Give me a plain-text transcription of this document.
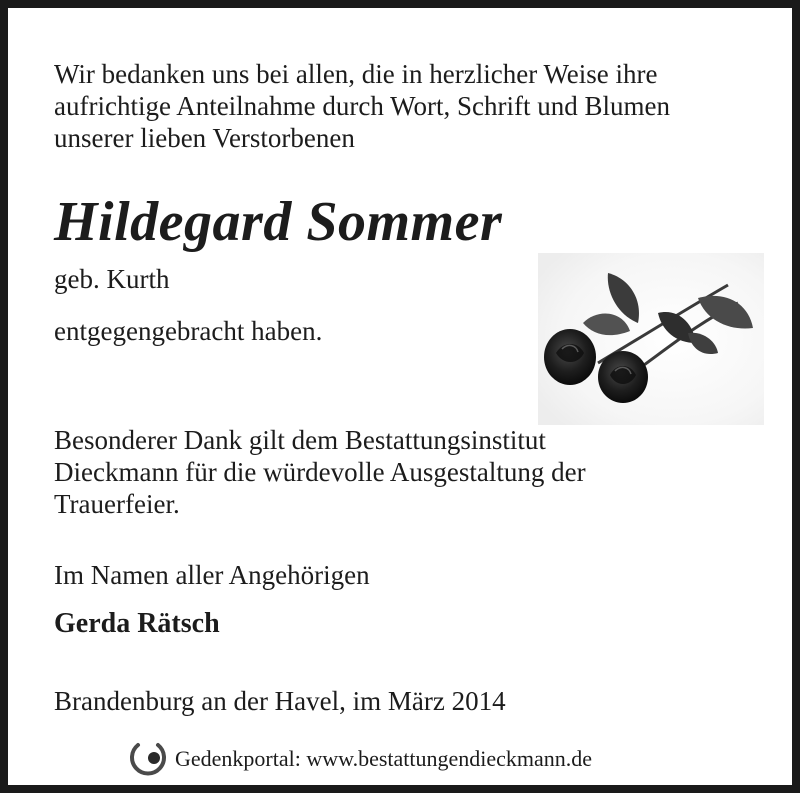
Wir bedanken uns bei allen, die in herzlicher Weise ihre
aufrichtige Anteilnahme durch Wort, Schrift und Blumen
unserer lieben Verstorbenen

Hildegard Sommer

geb. Kurth

entgegengebracht haben.

Besonderer Dank gilt dem Bestattungsinstitut
Dieckmann für die würdevolle Ausgestaltung der
Trauerfeier.

Im Namen aller Angehörigen

Gerda Rätsch

Brandenburg an der Havel, im März 2014

Gedenkportal: www.bestattungendieckmann.de
